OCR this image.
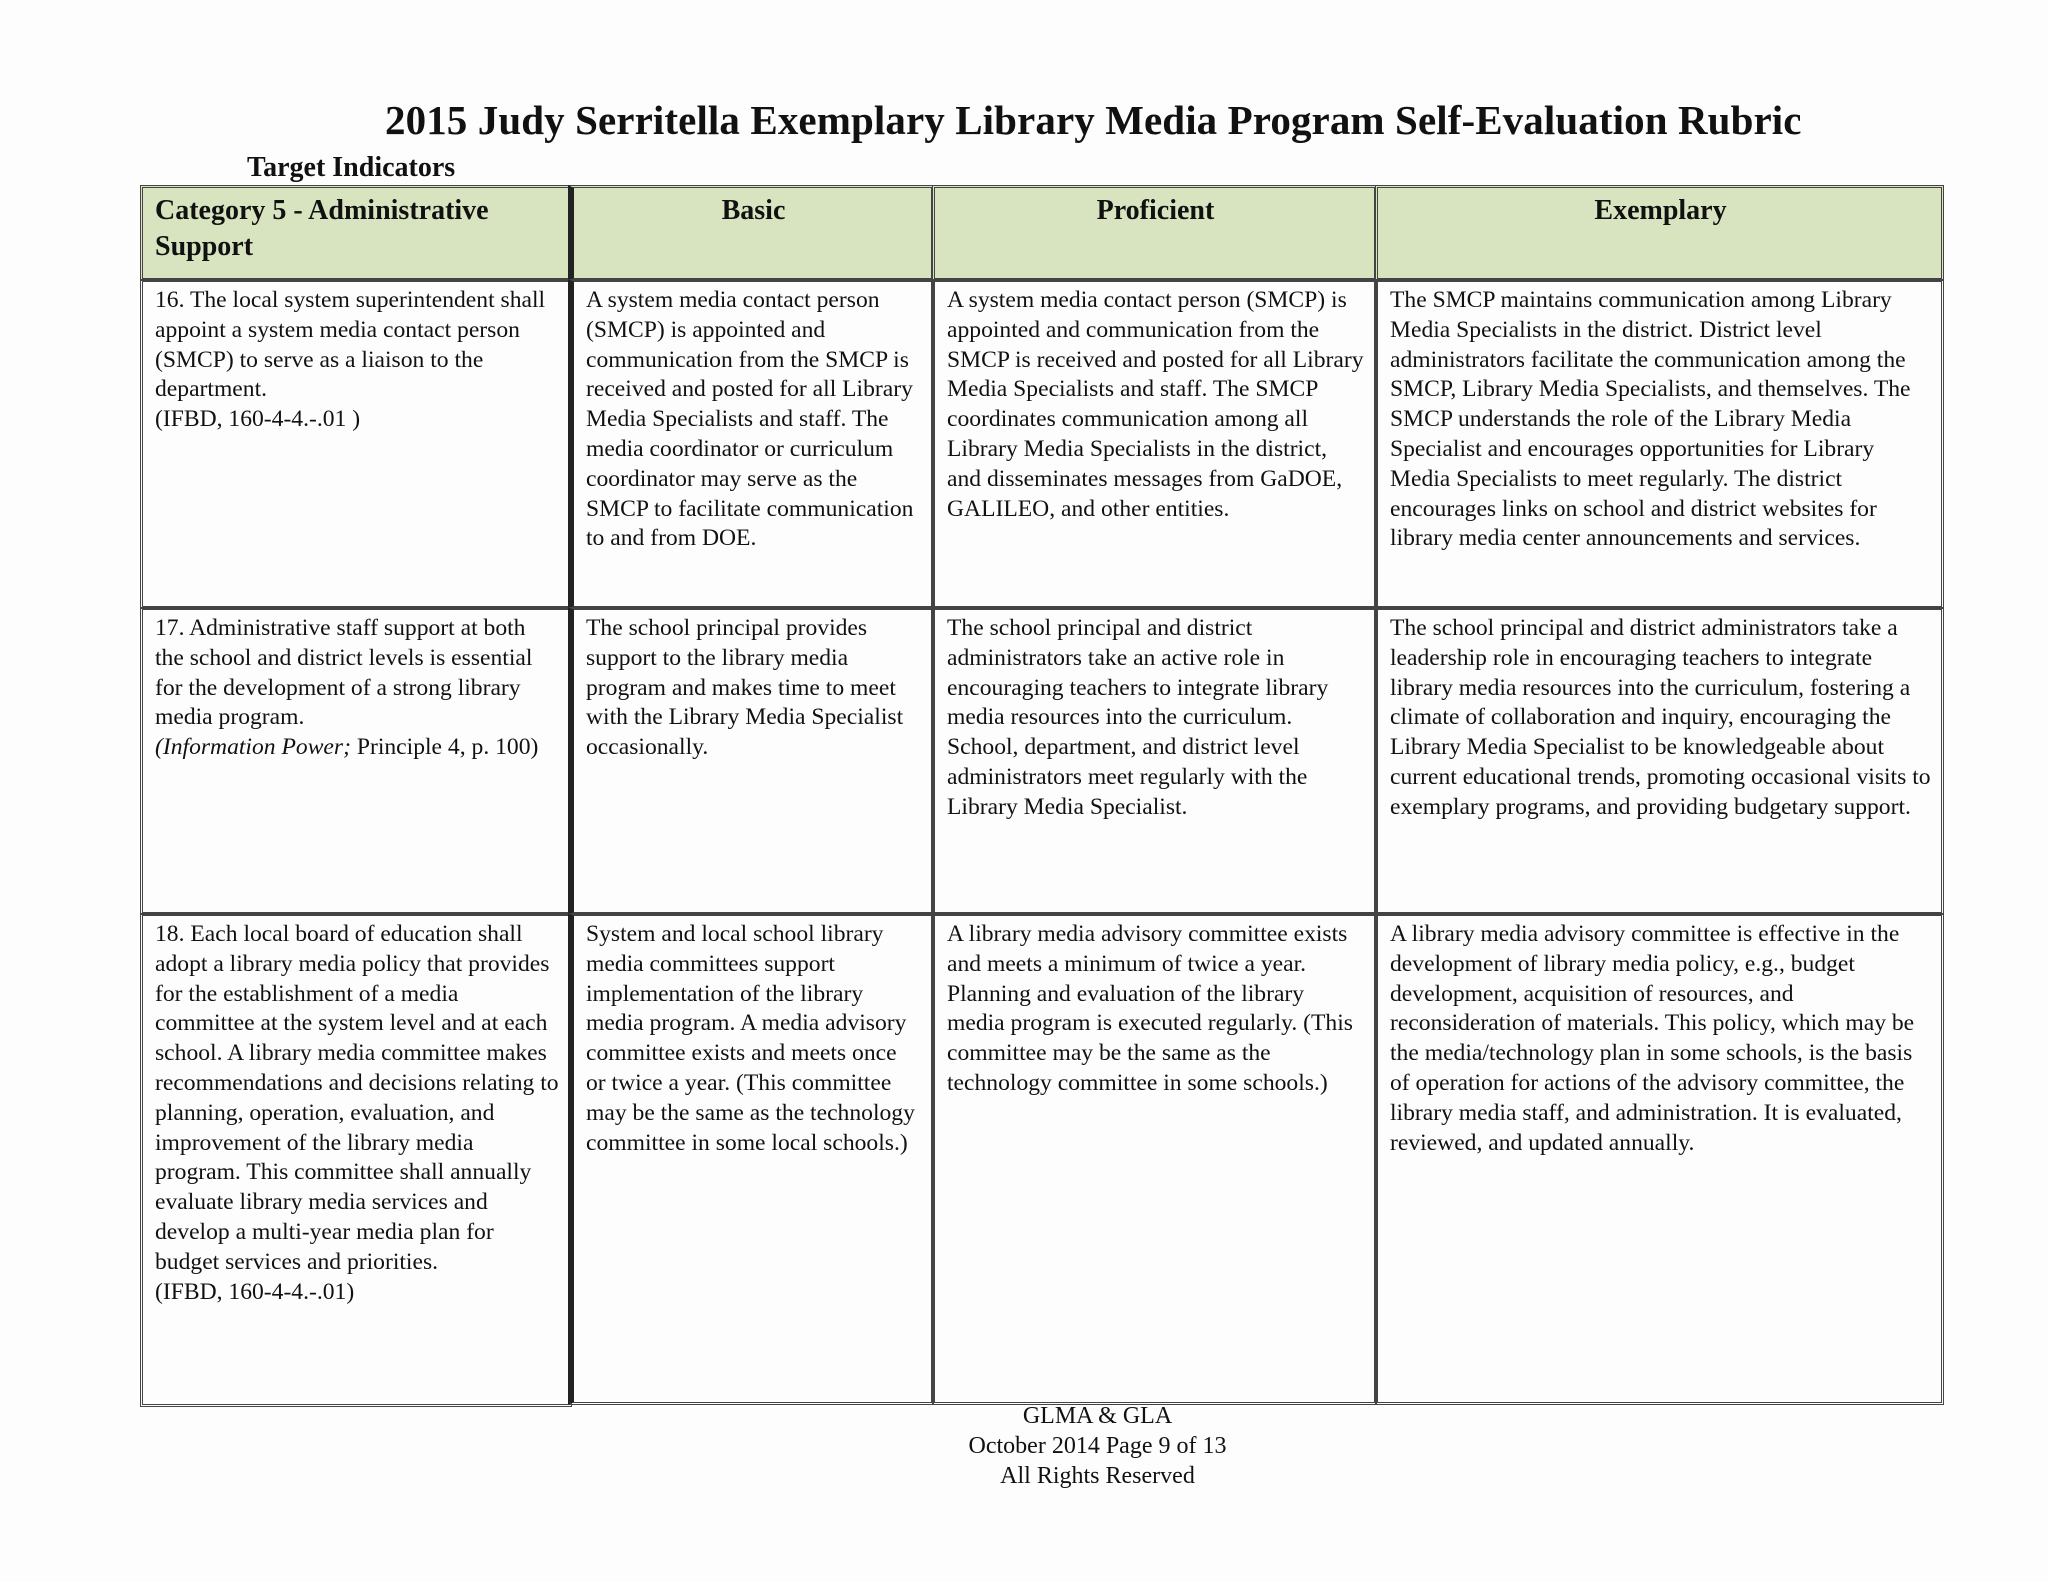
2015 Judy Serritella Exemplary Library Media Program Self-Evaluation Rubric
Target Indicators
Category 5 - Administrative Support
Basic	Proficient	Exemplary

16. The local system superintendent shall appoint a system media contact person (SMCP) to serve as a liaison to the department.

(IFBD, 160-4-4.-.01 )

A system media contact person (SMCP) is appointed and communication from the SMCP is received and posted for all Library Media Specialists and staff. The media coordinator or curriculum coordinator may serve as the SMCP to facilitate communication to and from DOE.
A system media contact person (SMCP) is appointed and communication from the SMCP is received and posted for all Library Media Specialists and staff. The SMCP coordinates communication among all Library Media Specialists in the district, and disseminates messages from GaDOE, GALILEO, and other entities.
The SMCP maintains communication among Library Media Specialists in the district. District level administrators facilitate the communication among the SMCP, Library Media Specialists, and themselves. The SMCP understands the role of the Library Media Specialist and encourages opportunities for Library Media Specialists to meet regularly. The district encourages links on school and district websites for library media center announcements and services.

17. Administrative staff support at both the school and district levels is essential for the development of a strong library media program.

(Information Power; Principle 4, p. 100)

The school principal provides support to the library media program and makes time to meet with the Library Media Specialist occasionally.
The school principal and district administrators take an active role in encouraging teachers to integrate library media resources into the curriculum. School, department, and district level administrators meet regularly with the Library Media Specialist.
The school principal and district administrators take a leadership role in encouraging teachers to integrate library media resources into the curriculum, fostering a climate of collaboration and inquiry, encouraging the Library Media Specialist to be knowledgeable about current educational trends, promoting occasional visits to exemplary programs, and providing budgetary support.

18. Each local board of education shall adopt a library media policy that provides for the establishment of a media committee at the system level and at each school. A library media committee makes recommendations and decisions relating to planning, operation, evaluation, and improvement of the library media program. This committee shall annually evaluate library media services and develop a multi-year media plan for budget services and priorities.

(IFBD, 160-4-4.-.01)

System and local school library media committees support implementation of the library media program. A media advisory committee exists and meets once or twice a year. (This committee may be the same as the technology committee in some local schools.)
A library media advisory committee exists and meets a minimum of twice a year. Planning and evaluation of the library media program is executed regularly. (This committee may be the same as the technology committee in some schools.)
A library media advisory committee is effective in the development of library media policy, e.g., budget development, acquisition of resources, and reconsideration of materials. This policy, which may be the media/technology plan in some schools, is the basis of operation for actions of the advisory committee, the library media staff, and administration. It is evaluated, reviewed, and updated annually.
GLMA & GLA
October 2014 Page 9 of 13
All Rights Reserved
